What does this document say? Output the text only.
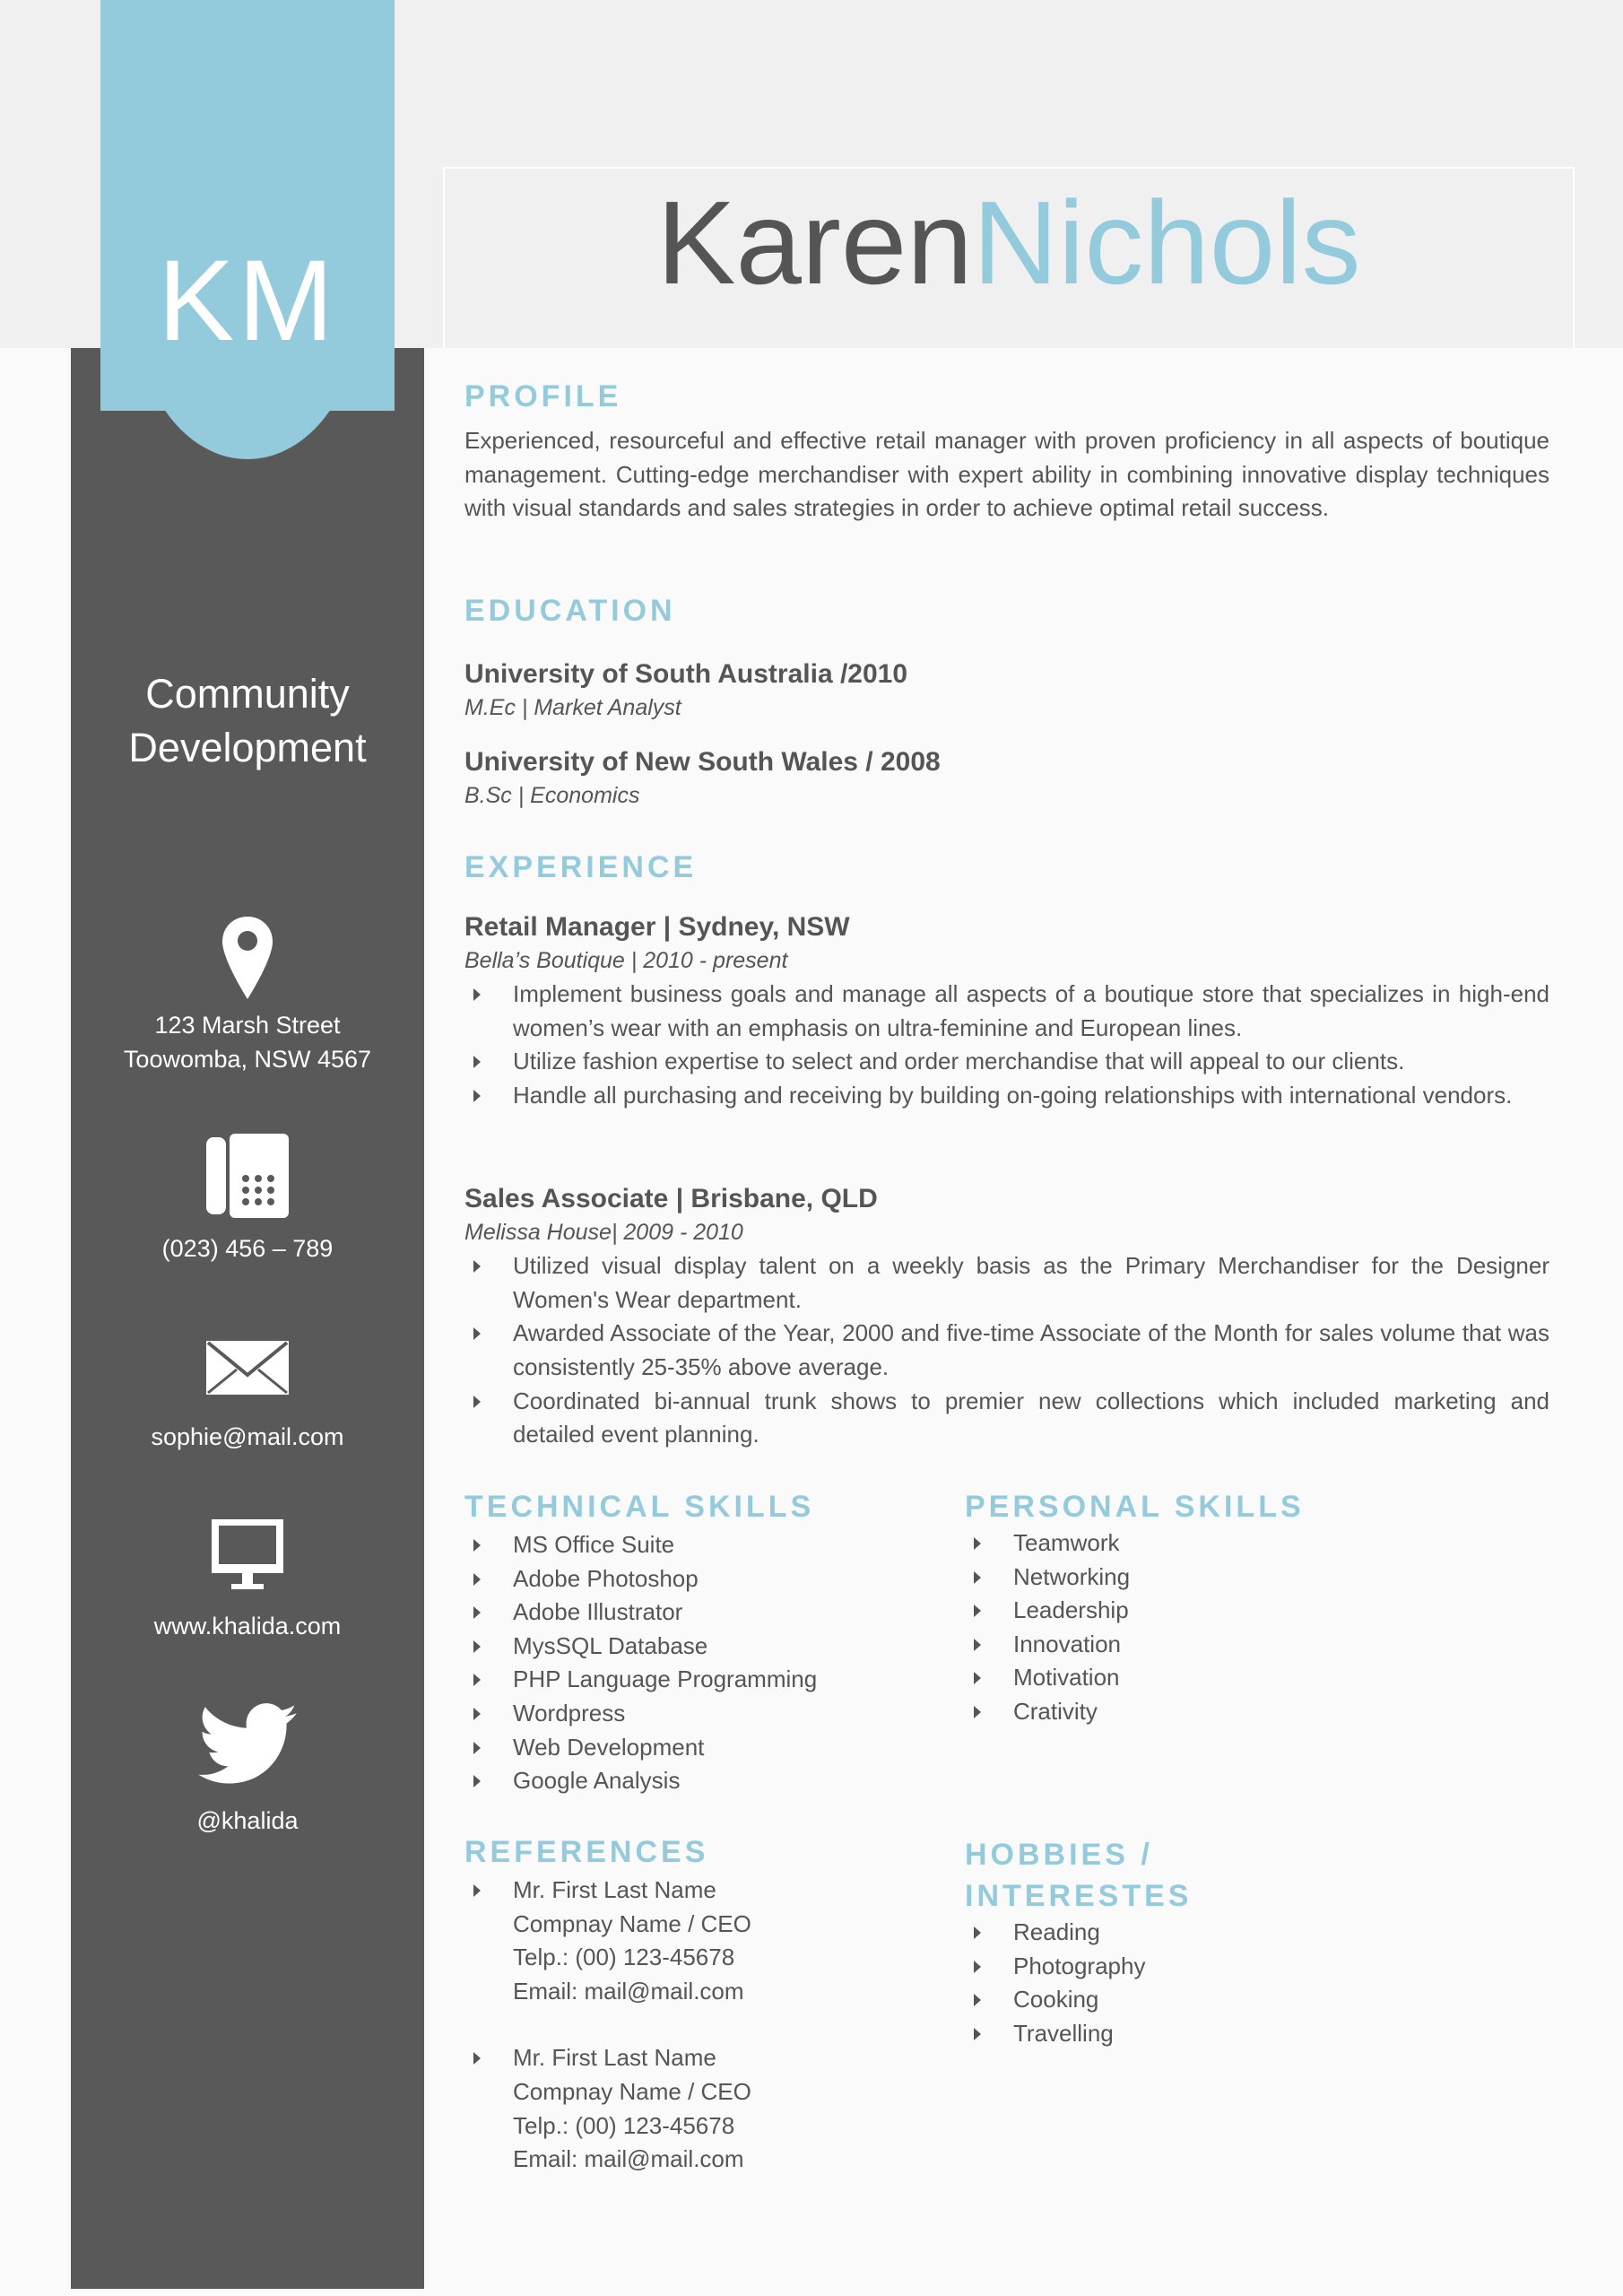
KM	KarenNichols
Community Development
123 Marsh Street
Toowomba, NSW 4567
(023) 456 – 789
sophie@mail.com
www.khalida.com
@khalida
PROFILE
Experienced, resourceful and effective retail manager with proven proficiency in all aspects of boutique management. Cutting-edge merchandiser with expert ability in combining innovative display techniques with visual standards and sales strategies in order to achieve optimal retail success.
EDUCATION
University of South Australia /2010
M.Ec | Market Analyst
University of New South Wales / 2008
B.Sc | Economics
EXPERIENCE
Retail Manager | Sydney, NSW
Bella’s Boutique | 2010 - present
Implement business goals and manage all aspects of a boutique store that specializes in high-end women’s wear with an emphasis on ultra-feminine and European lines.
Utilize fashion expertise to select and order merchandise that will appeal to our clients.
Handle all purchasing and receiving by building on-going relationships with international vendors.
Sales Associate | Brisbane, QLD
Melissa House| 2009 - 2010
Utilized visual display talent on a weekly basis as the Primary Merchandiser for the Designer Women's Wear department.
Awarded Associate of the Year, 2000 and five-time Associate of the Month for sales volume that was consistently 25-35% above average.
Coordinated bi-annual trunk shows to premier new collections which included marketing and detailed event planning.
TECHNICAL SKILLS
MS Office Suite
Adobe Photoshop
Adobe Illustrator
MysSQL Database
PHP Language Programming
Wordpress
Web Development
Google Analysis
PERSONAL SKILLS
Teamwork
Networking
Leadership
Innovation
Motivation
Crativity
REFERENCES
Mr. First Last Name
Compnay Name / CEO
Telp.: (00) 123-45678
Email: mail@mail.com
Mr. First Last Name
Compnay Name / CEO
Telp.: (00) 123-45678
Email: mail@mail.com
HOBBIES /
INTERESTES
Reading
Photography
Cooking
Travelling
